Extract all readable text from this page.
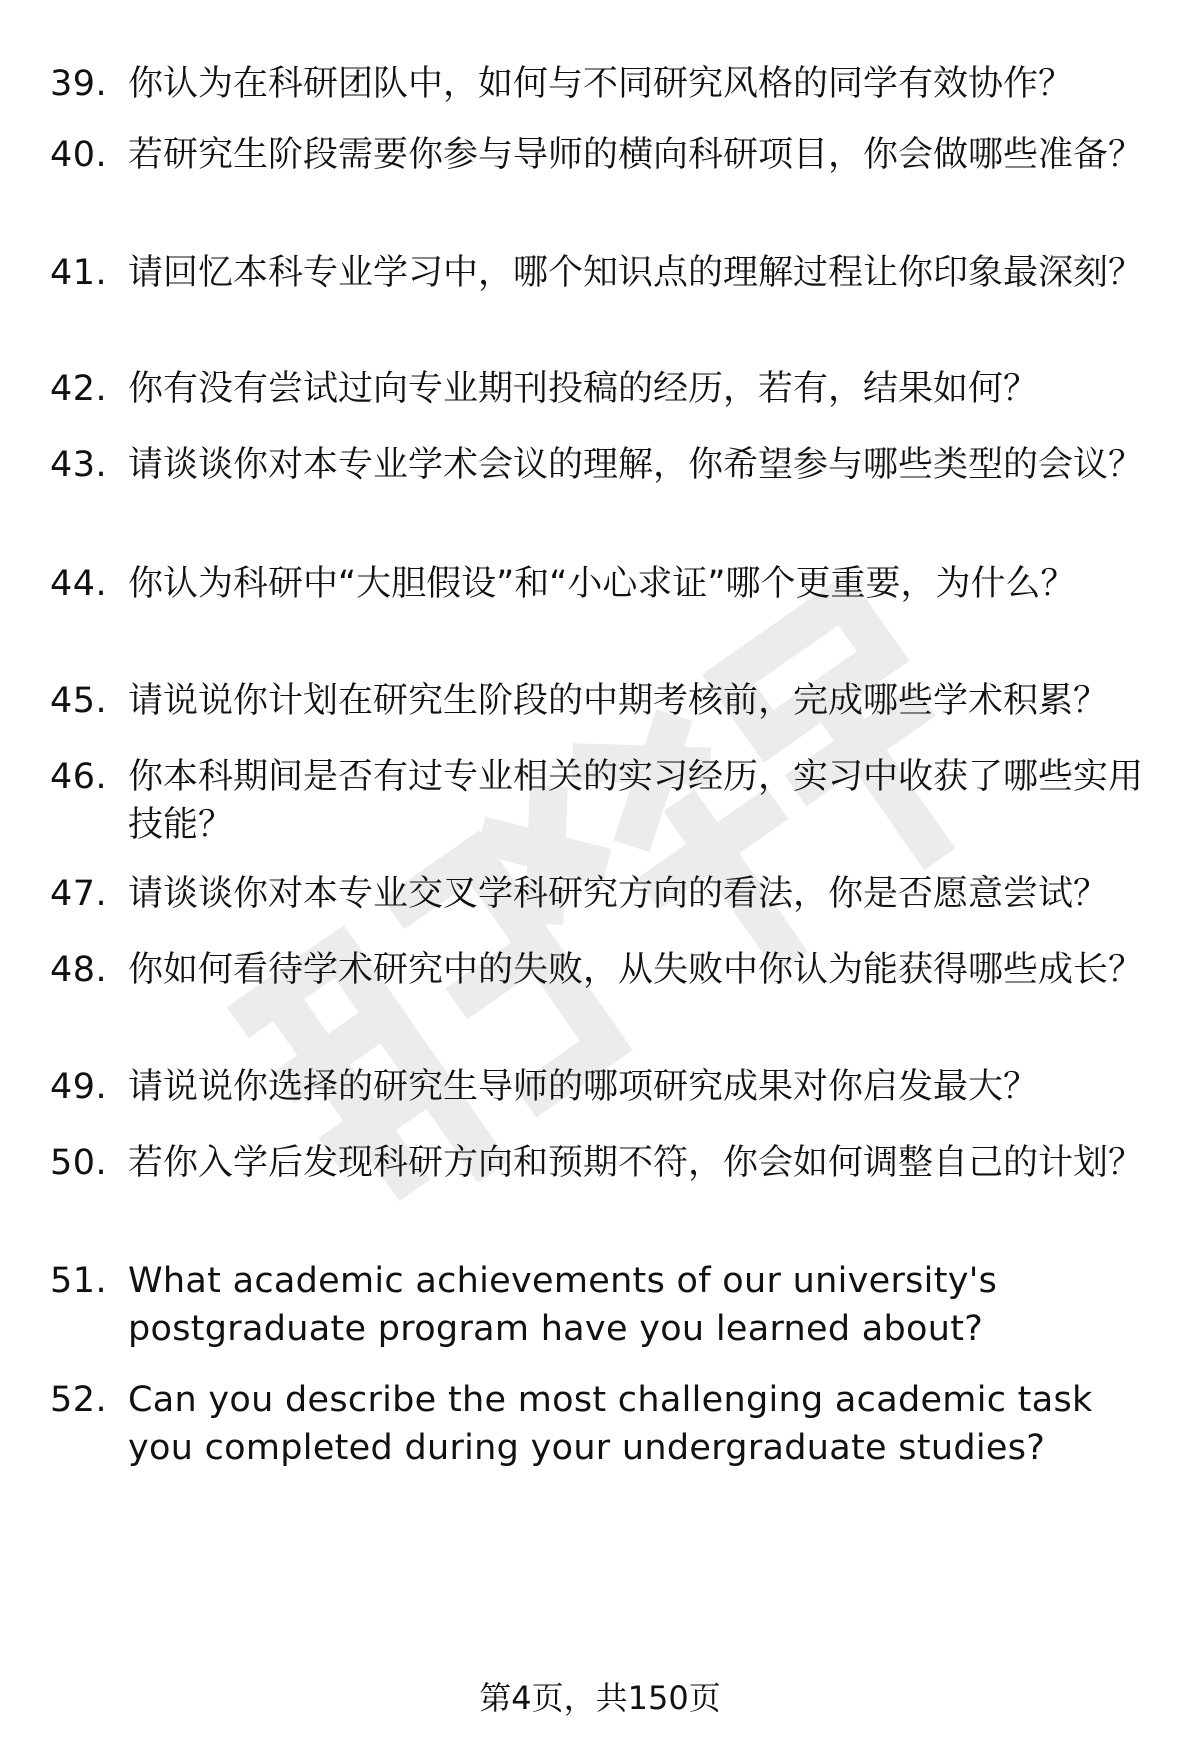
39. 你认为在科研团队中，如何与不同研究风格的同学有效协作？
40. 若研究生阶段需要你参与导师的横向科研项目，你会做哪些准备？
41. 请回忆本科专业学习中，哪个知识点的理解过程让你印象最深刻？
42. 你有没有尝试过向专业期刊投稿的经历，若有，结果如何？
43. 请谈谈你对本专业学术会议的理解，你希望参与哪些类型的会议？
44. 你认为科研中“大胆假设”和“小心求证”哪个更重要，为什么？
45. 请说说你计划在研究生阶段的中期考核前，完成哪些学术积累？
46. 你本科期间是否有过专业相关的实习经历，实习中收获了哪些实用技能？
47. 请谈谈你对本专业交叉学科研究方向的看法，你是否愿意尝试？
48. 你如何看待学术研究中的失败，从失败中你认为能获得哪些成长？
49. 请说说你选择的研究生导师的哪项研究成果对你启发最大？
50. 若你入学后发现科研方向和预期不符，你会如何调整自己的计划？
51. What academic achievements of our university's postgraduate program have you learned about?
52. Can you describe the most challenging academic task you completed during your undergraduate studies?
第4页，共150页
